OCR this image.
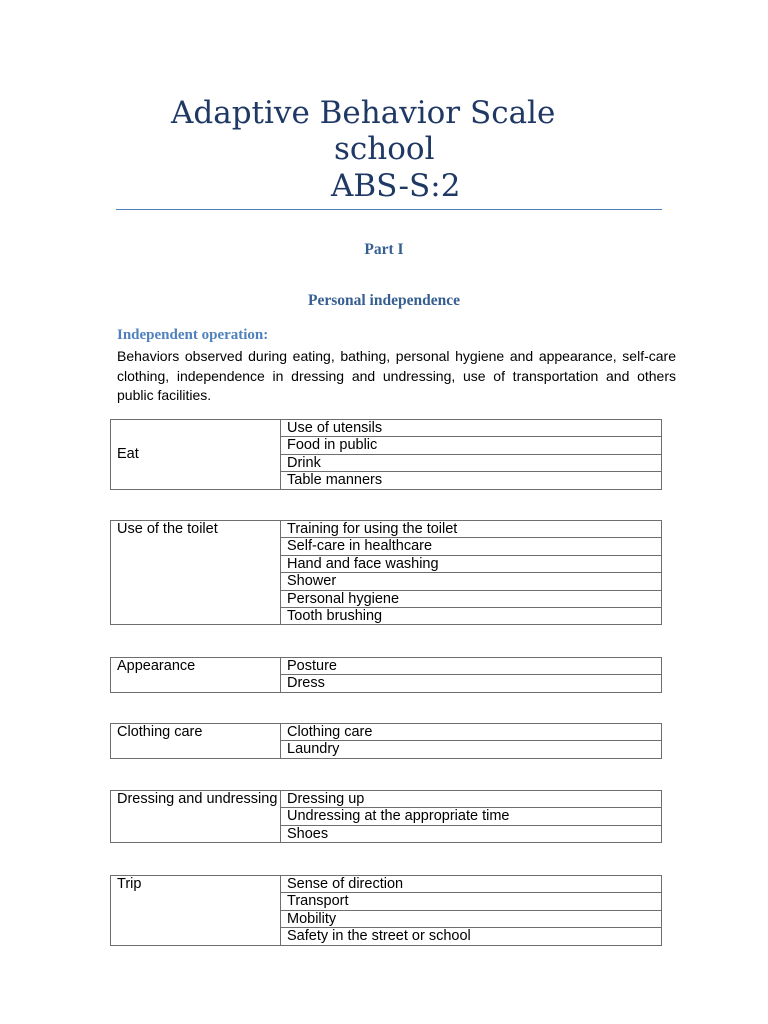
Adaptive Behavior Scale
school
ABS-S:2
Part I
Personal independence
Independent operation:
Behaviors observed during eating, bathing, personal hygiene and appearance, self-care clothing, independence in dressing and undressing, use of transportation and others public facilities.
Eat	Use of utensils
Food in public
Drink
Table manners
Use of the toilet	Training for using the toilet
Self-care in healthcare
Hand and face washing
Shower
Personal hygiene
Tooth brushing
Appearance	Posture
Dress
Clothing care	Clothing care
Laundry
Dressing and undressing	Dressing up
Undressing at the appropriate time
Shoes
Trip	Sense of direction
Transport
Mobility
Safety in the street or school
